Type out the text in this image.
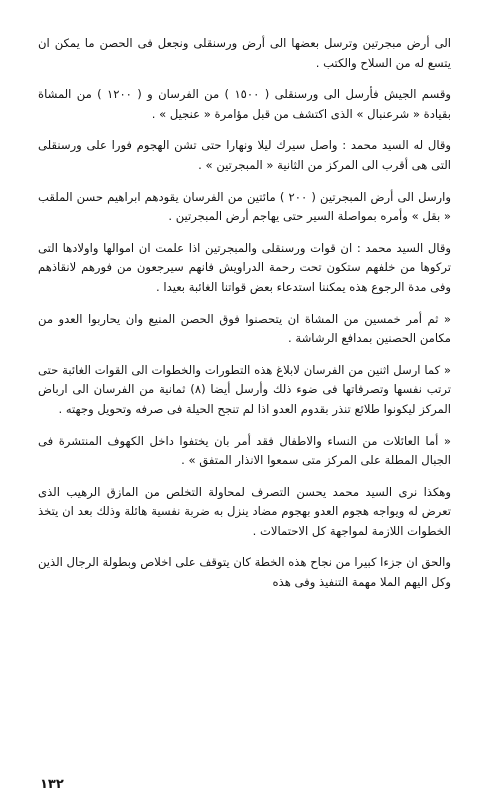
الى أرض مبجرتين وترسل بعضها الى أرض ورسنقلى ونجعل فى الحصن ما يمكن ان يتسع له من السلاح والكتب .

وقسم الجيش فأرسل الى ورسنقلى ( ١٥٠٠ ) من الفرسان و ( ١٢٠٠ ) من المشاة بقيادة « شرعنبال » الذى اكتشف من قبل مؤامرة « عنجيل » .

وقال له السيد محمد : واصل سيرك ليلا ونهارا حتى تشن الهجوم فورا على ورسنقلى التى هى أقرب الى المركز من الثانية « المبجرتين » .

وارسل الى أرض المبجرتين ( ٢٠٠ ) مائتين من الفرسان يقودهم ابراهيم حسن الملقب « بقل » وأمره بمواصلة السير حتى يهاجم أرض المبجرتين .

وقال السيد محمد : ان قوات ورسنقلى والمبجرتين اذا علمت ان اموالها واولادها التى تركوها من خلفهم ستكون تحت رحمة الدراويش فانهم سيرجعون من فورهم لانقاذهم وفى مدة الرجوع هذه يمكننا استدعاء بعض قواتنا الغائبة بعيدا .

« ثم أمر خمسين من المشاة ان يتحصنوا فوق الحصن المنيع وان يحاربوا العدو من مكامن الحصنين بمدافع الرشاشة .

« كما ارسل اثنين من الفرسان لابلاغ هذه التطورات والخطوات الى القوات الغائبة حتى ترتب نفسها وتصرفاتها فى ضوء ذلك وأرسل أيضا (٨) ثمانية من الفرسان الى ارباض المركز ليكونوا طلائع تنذر بقدوم العدو اذا لم تنجح الحيلة فى صرفه وتحويل وجهته .

« أما العائلات من النساء والاطفال فقد أمر بان يختفوا داخل الكهوف المنتشرة فى الجبال المطلة على المركز متى سمعوا الانذار المتفق » .

وهكذا نرى السيد محمد يحسن التصرف لمحاولة التخلص من المازق الرهيب الذى تعرض له ويواجه هجوم العدو بهجوم مضاد ينزل به ضربة نفسية هائلة وذلك بعد ان يتخذ الخطوات اللازمة لمواجهة كل الاحتمالات .

والحق ان جزءا كبيرا من نجاح هذه الخطة كان يتوقف على اخلاص وبطولة الرجال الذين وكل اليهم الملا مهمة التنفيذ وفى هذه

١٣٢
